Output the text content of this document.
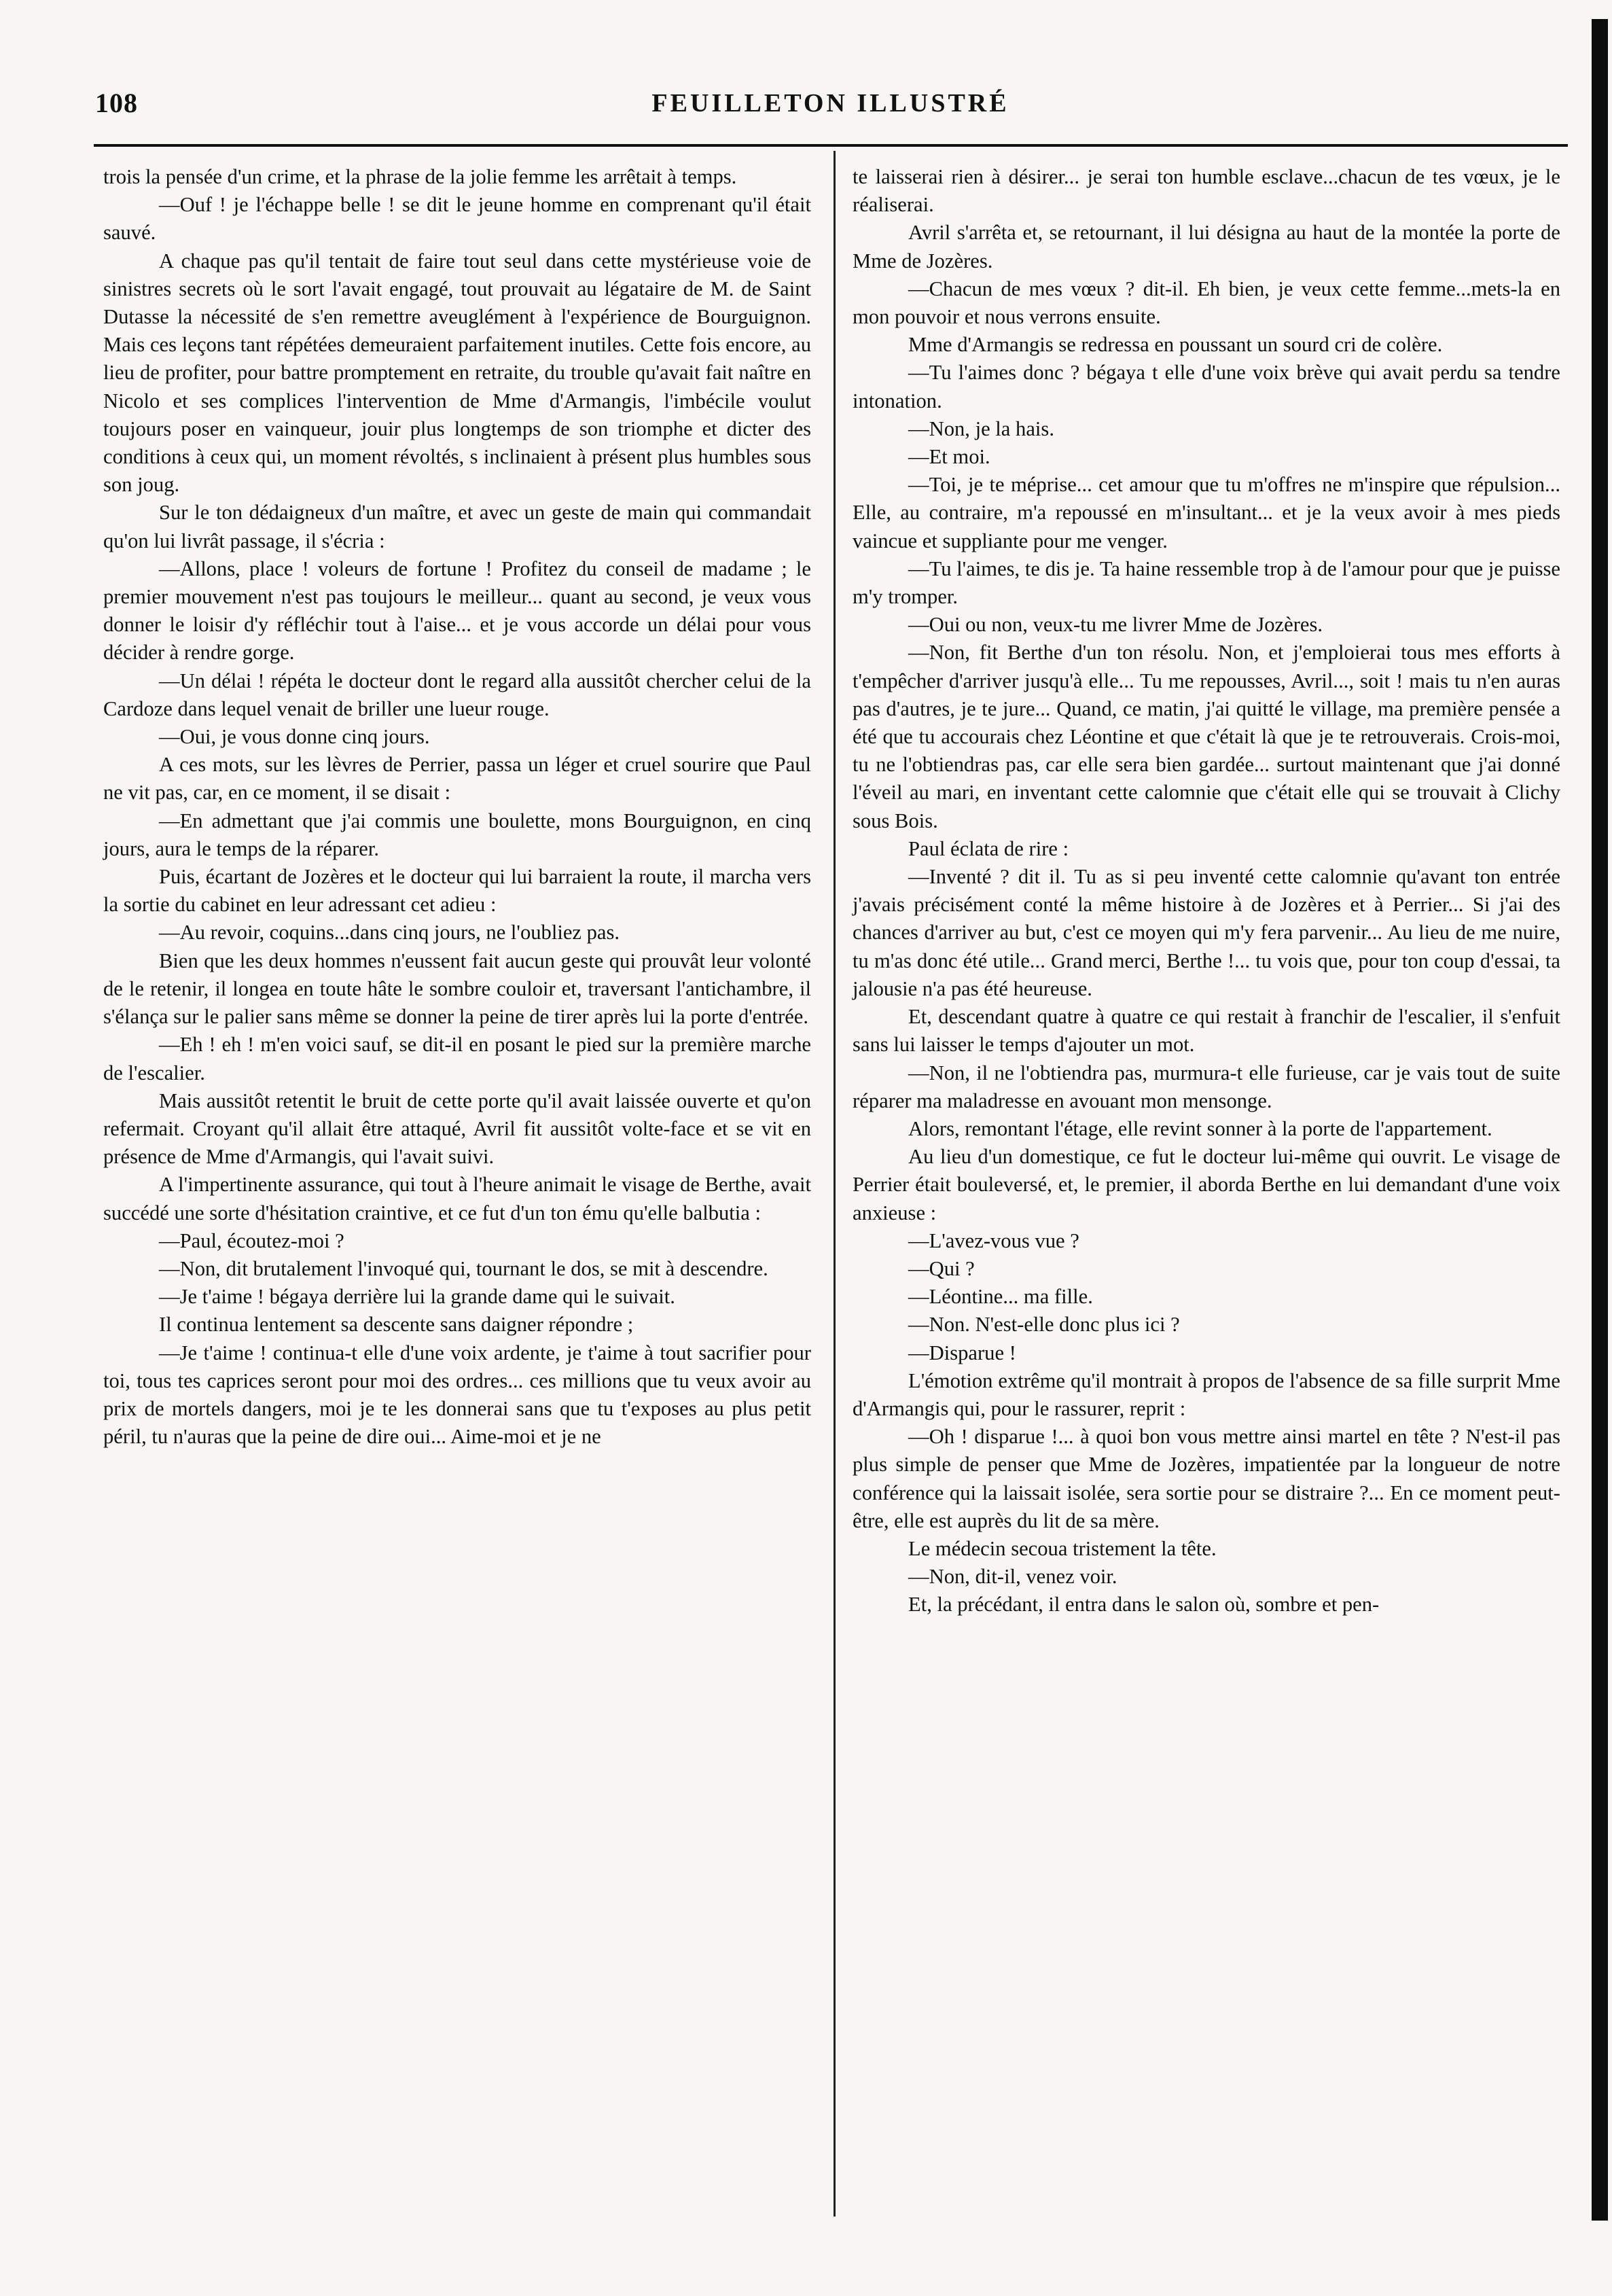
108	FEUILLETON ILLUSTRÉ

trois la pensée d'un crime, et la phrase de la jolie femme les arrêtait à temps.

—Ouf ! je l'échappe belle ! se dit le jeune homme en comprenant qu'il était sauvé.

A chaque pas qu'il tentait de faire tout seul dans cette mystérieuse voie de sinistres secrets où le sort l'avait engagé, tout prouvait au légataire de M. de Saint Dutasse la nécessité de s'en remettre aveuglément à l'expérience de Bourguignon. Mais ces leçons tant répétées demeuraient parfaitement inutiles. Cette fois encore, au lieu de profiter, pour battre promptement en retraite, du trouble qu'avait fait naître en Nicolo et ses complices l'intervention de Mme d'Armangis, l'imbécile voulut toujours poser en vainqueur, jouir plus longtemps de son triomphe et dicter des conditions à ceux qui, un moment révoltés, s inclinaient à présent plus humbles sous son joug.

Sur le ton dédaigneux d'un maître, et avec un geste de main qui commandait qu'on lui livrât passage, il s'écria :

—Allons, place ! voleurs de fortune ! Profitez du conseil de madame ; le premier mouvement n'est pas toujours le meilleur... quant au second, je veux vous donner le loisir d'y réfléchir tout à l'aise... et je vous accorde un délai pour vous décider à rendre gorge.

—Un délai ! répéta le docteur dont le regard alla aussitôt chercher celui de la Cardoze dans lequel venait de briller une lueur rouge.

—Oui, je vous donne cinq jours.

A ces mots, sur les lèvres de Perrier, passa un léger et cruel sourire que Paul ne vit pas, car, en ce moment, il se disait :

—En admettant que j'ai commis une boulette, mons Bourguignon, en cinq jours, aura le temps de la réparer.

Puis, écartant de Jozères et le docteur qui lui barraient la route, il marcha vers la sortie du cabinet en leur adressant cet adieu :

—Au revoir, coquins...dans cinq jours, ne l'oubliez pas.

Bien que les deux hommes n'eussent fait aucun geste qui prouvât leur volonté de le retenir, il longea en toute hâte le sombre couloir et, traversant l'antichambre, il s'élança sur le palier sans même se donner la peine de tirer après lui la porte d'entrée.

—Eh ! eh ! m'en voici sauf, se dit-il en posant le pied sur la première marche de l'escalier.

Mais aussitôt retentit le bruit de cette porte qu'il avait laissée ouverte et qu'on refermait. Croyant qu'il allait être attaqué, Avril fit aussitôt volte-face et se vit en présence de Mme d'Armangis, qui l'avait suivi.

A l'impertinente assurance, qui tout à l'heure animait le visage de Berthe, avait succédé une sorte d'hésitation craintive, et ce fut d'un ton ému qu'elle balbutia :

—Paul, écoutez-moi ?

—Non, dit brutalement l'invoqué qui, tournant le dos, se mit à descendre.

—Je t'aime ! bégaya derrière lui la grande dame qui le suivait.

Il continua lentement sa descente sans daigner répondre ;

—Je t'aime ! continua-t elle d'une voix ardente, je t'aime à tout sacrifier pour toi, tous tes caprices seront pour moi des ordres... ces millions que tu veux avoir au prix de mortels dangers, moi je te les donnerai sans que tu t'exposes au plus petit péril, tu n'auras que la peine de dire oui... Aime-moi et je ne

te laisserai rien à désirer... je serai ton humble esclave...chacun de tes vœux, je le réaliserai.

Avril s'arrêta et, se retournant, il lui désigna au haut de la montée la porte de Mme de Jozères.

—Chacun de mes vœux ? dit-il. Eh bien, je veux cette femme...mets-la en mon pouvoir et nous verrons ensuite.

Mme d'Armangis se redressa en poussant un sourd cri de colère.

—Tu l'aimes donc ? bégaya t elle d'une voix brève qui avait perdu sa tendre intonation.

—Non, je la hais.

—Et moi.

—Toi, je te méprise... cet amour que tu m'offres ne m'inspire que répulsion... Elle, au contraire, m'a repoussé en m'insultant... et je la veux avoir à mes pieds vaincue et suppliante pour me venger.

—Tu l'aimes, te dis je. Ta haine ressemble trop à de l'amour pour que je puisse m'y tromper.

—Oui ou non, veux-tu me livrer Mme de Jozères.

—Non, fit Berthe d'un ton résolu. Non, et j'emploierai tous mes efforts à t'empêcher d'arriver jusqu'à elle... Tu me repousses, Avril..., soit ! mais tu n'en auras pas d'autres, je te jure... Quand, ce matin, j'ai quitté le village, ma première pensée a été que tu accourais chez Léontine et que c'était là que je te retrouverais. Crois-moi, tu ne l'obtiendras pas, car elle sera bien gardée... surtout maintenant que j'ai donné l'éveil au mari, en inventant cette calomnie que c'était elle qui se trouvait à Clichy sous Bois.

Paul éclata de rire :

—Inventé ? dit il. Tu as si peu inventé cette calomnie qu'avant ton entrée j'avais précisément conté la même histoire à de Jozères et à Perrier... Si j'ai des chances d'arriver au but, c'est ce moyen qui m'y fera parvenir... Au lieu de me nuire, tu m'as donc été utile... Grand merci, Berthe !... tu vois que, pour ton coup d'essai, ta jalousie n'a pas été heureuse.

Et, descendant quatre à quatre ce qui restait à franchir de l'escalier, il s'enfuit sans lui laisser le temps d'ajouter un mot.

—Non, il ne l'obtiendra pas, murmura-t elle furieuse, car je vais tout de suite réparer ma maladresse en avouant mon mensonge.

Alors, remontant l'étage, elle revint sonner à la porte de l'appartement.

Au lieu d'un domestique, ce fut le docteur lui-même qui ouvrit. Le visage de Perrier était bouleversé, et, le premier, il aborda Berthe en lui demandant d'une voix anxieuse :

—L'avez-vous vue ?

—Qui ?

—Léontine... ma fille.

—Non. N'est-elle donc plus ici ?

—Disparue !

L'émotion extrême qu'il montrait à propos de l'absence de sa fille surprit Mme d'Armangis qui, pour le rassurer, reprit :

—Oh ! disparue !... à quoi bon vous mettre ainsi martel en tête ? N'est-il pas plus simple de penser que Mme de Jozères, impatientée par la longueur de notre conférence qui la laissait isolée, sera sortie pour se distraire ?... En ce moment peut-être, elle est auprès du lit de sa mère.

Le médecin secoua tristement la tête.

—Non, dit-il, venez voir.

Et, la précédant, il entra dans le salon où, sombre et pen-
